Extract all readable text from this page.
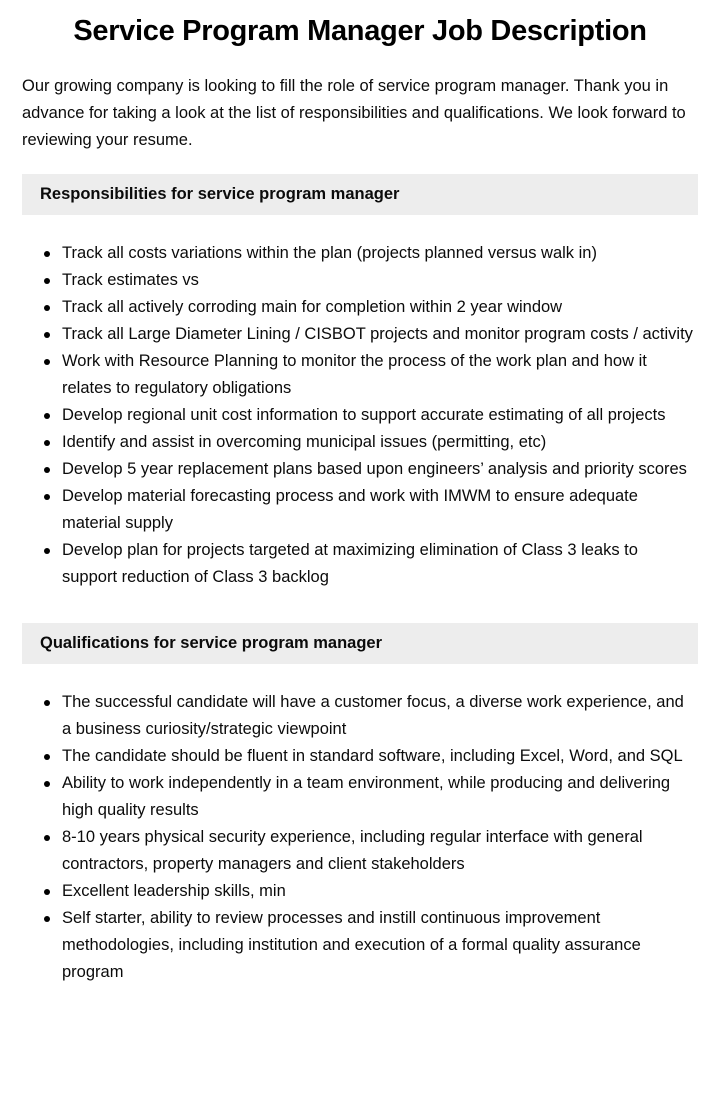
Service Program Manager Job Description

Our growing company is looking to fill the role of service program manager. Thank you in advance for taking a look at the list of responsibilities and qualifications. We look forward to reviewing your resume.

Responsibilities for service program manager
Track all costs variations within the plan (projects planned versus walk in)
Track estimates vs
Track all actively corroding main for completion within 2 year window
Track all Large Diameter Lining / CISBOT projects and monitor program costs / activity
Work with Resource Planning to monitor the process of the work plan and how it relates to regulatory obligations
Develop regional unit cost information to support accurate estimating of all projects
Identify and assist in overcoming municipal issues (permitting, etc)
Develop 5 year replacement plans based upon engineers’ analysis and priority scores
Develop material forecasting process and work with IMWM to ensure adequate material supply
Develop plan for projects targeted at maximizing elimination of Class 3 leaks to support reduction of Class 3 backlog
Qualifications for service program manager
The successful candidate will have a customer focus, a diverse work experience, and a business curiosity/strategic viewpoint
The candidate should be fluent in standard software, including Excel, Word, and SQL
Ability to work independently in a team environment, while producing and delivering high quality results
8-10 years physical security experience, including regular interface with general contractors, property managers and client stakeholders
Excellent leadership skills, min
Self starter, ability to review processes and instill continuous improvement methodologies, including institution and execution of a formal quality assurance program
